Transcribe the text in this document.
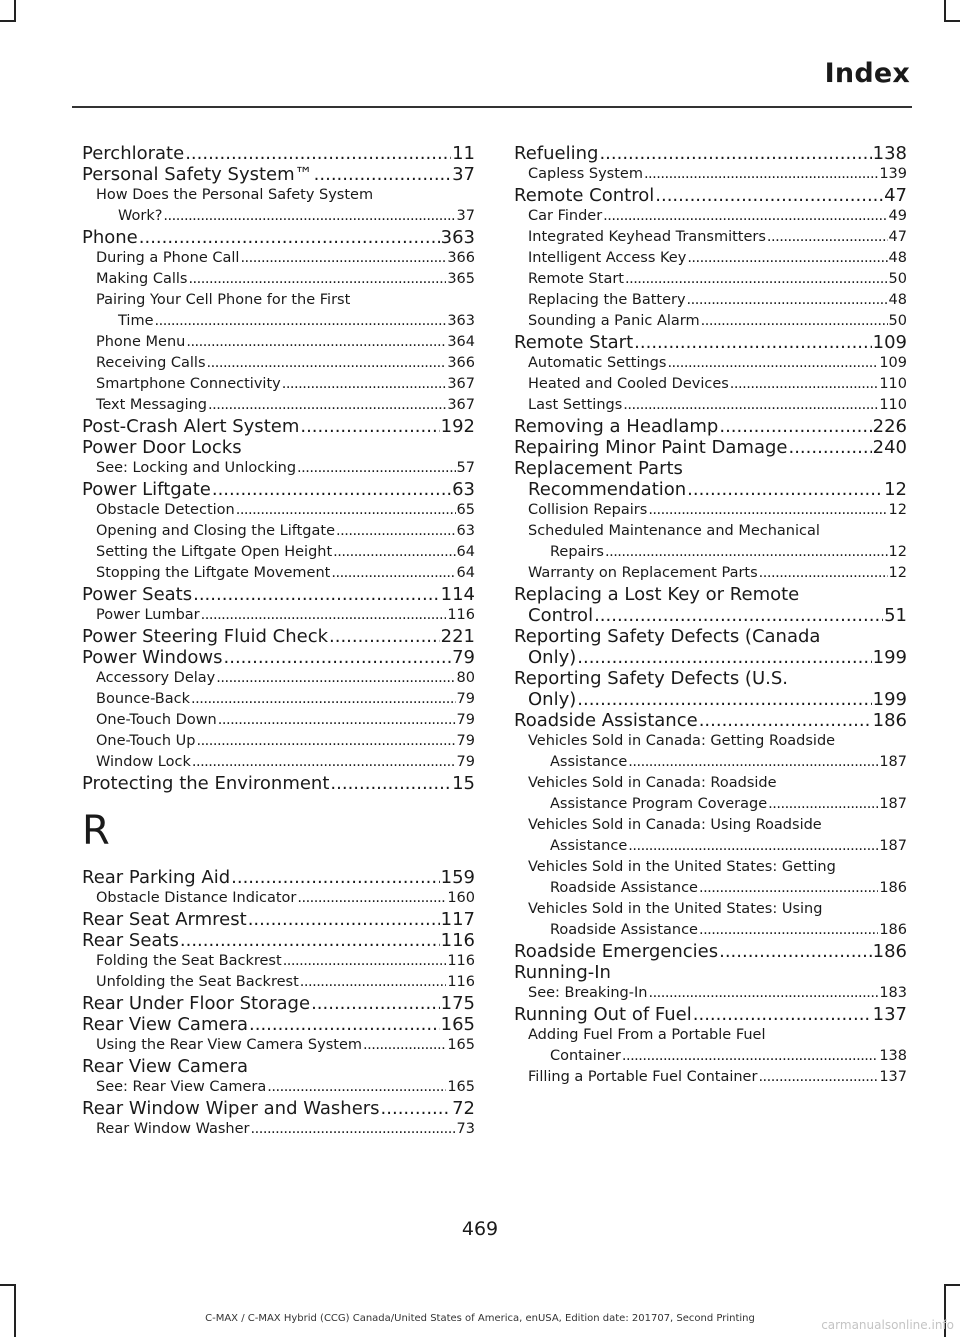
Index
Perchlorate .....	11
Personal Safety System™ .....	37
How Does the Personal Safety System
Work? .....	37
Phone .....	363
During a Phone Call .....	366
Making Calls .....	365
Pairing Your Cell Phone for the First
Time .....	363
Phone Menu .....	364
Receiving Calls .....	366
Smartphone Connectivity .....	367
Text Messaging .....	367
Post-Crash Alert System .....	192
Power Door Locks
See: Locking and Unlocking .....	57
Power Liftgate .....	63
Obstacle Detection .....	65
Opening and Closing the Liftgate .....	63
Setting the Liftgate Open Height .....	64
Stopping the Liftgate Movement .....	64
Power Seats .....	114
Power Lumbar .....	116
Power Steering Fluid Check .....	221
Power Windows .....	79
Accessory Delay .....	80
Bounce-Back .....	79
One-Touch Down .....	79
One-Touch Up .....	79
Window Lock .....	79
Protecting the Environment .....	15
R
Rear Parking Aid .....	159
Obstacle Distance Indicator .....	160
Rear Seat Armrest .....	117
Rear Seats .....	116
Folding the Seat Backrest .....	116
Unfolding the Seat Backrest .....	116
Rear Under Floor Storage .....	175
Rear View Camera .....	165
Using the Rear View Camera System .....	165
Rear View Camera
See: Rear View Camera .....	165
Rear Window Wiper and Washers .....	72
Rear Window Washer .....	73
Refueling .....	138
Capless System .....	139
Remote Control .....	47
Car Finder .....	49
Integrated Keyhead Transmitters .....	47
Intelligent Access Key .....	48
Remote Start .....	50
Replacing the Battery .....	48
Sounding a Panic Alarm .....	50
Remote Start .....	109
Automatic Settings .....	109
Heated and Cooled Devices .....	110
Last Settings .....	110
Removing a Headlamp .....	226
Repairing Minor Paint Damage .....	240
Replacement Parts
Recommendation .....	12
Collision Repairs .....	12
Scheduled Maintenance and Mechanical
Repairs .....	12
Warranty on Replacement Parts .....	12
Replacing a Lost Key or Remote
Control .....	51
Reporting Safety Defects (Canada
Only) .....	199
Reporting Safety Defects (U.S.
Only) .....	199
Roadside Assistance .....	186
Vehicles Sold in Canada: Getting Roadside
Assistance .....	187
Vehicles Sold in Canada: Roadside
Assistance Program Coverage .....	187
Vehicles Sold in Canada: Using Roadside
Assistance .....	187
Vehicles Sold in the United States: Getting
Roadside Assistance .....	186
Vehicles Sold in the United States: Using
Roadside Assistance .....	186
Roadside Emergencies .....	186
Running-In
See: Breaking-In .....	183
Running Out of Fuel .....	137
Adding Fuel From a Portable Fuel
Container .....	138
Filling a Portable Fuel Container .....	137
469
C-MAX / C-MAX Hybrid (CCG) Canada/United States of America, enUSA, Edition date: 201707, Second Printing	carmanualsonline.info
